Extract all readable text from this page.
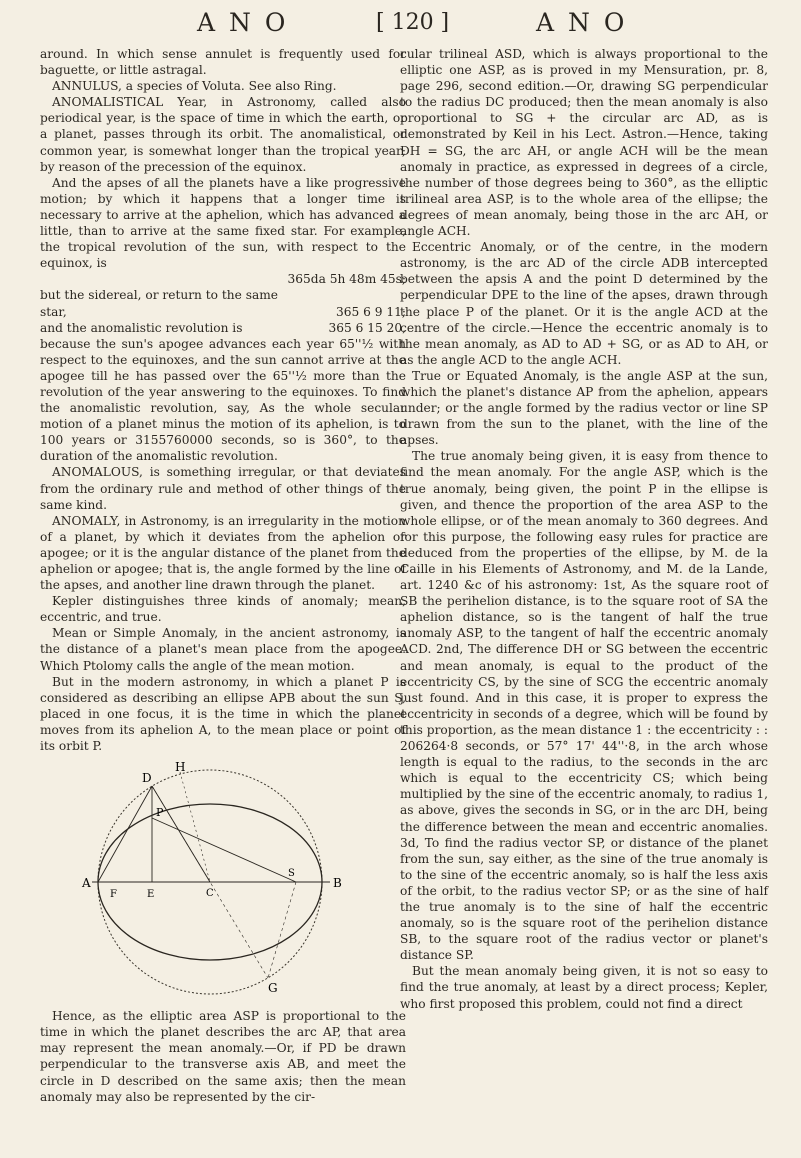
ANO	[ 120 ]	ANO

around. In which sense annulet is frequently used for baguette, or little astragal.

ANNULUS, a species of Voluta. See also Ring.

ANOMALISTICAL Year, in Astronomy, called also periodical year, is the space of time in which the earth, or a planet, passes through its orbit. The anomalistical, or common year, is somewhat longer than the tropical year; by reason of the precession of the equinox.

And the apses of all the planets have a like progressive motion; by which it happens that a longer time is necessary to arrive at the aphelion, which has advanced a little, than to arrive at the same fixed star. For example, the tropical revolution of the sun, with respect to the equinox, is

365da 5h 48m 45s;

but the sidereal, or return to the same

star,	365 6 9 11;
and the anomalistic revolution is	365 6 15 20,

because the sun's apogee advances each year 65''½ with respect to the equinoxes, and the sun cannot arrive at the apogee till he has passed over the 65''½ more than the revolution of the year answering to the equinoxes. To find the anomalistic revolution, say, As the whole secular motion of a planet minus the motion of its aphelion, is to 100 years or 3155760000 seconds, so is 360°, to the duration of the anomalistic revolution.

ANOMALOUS, is something irregular, or that deviates from the ordinary rule and method of other things of the same kind.

ANOMALY, in Astronomy, is an irregularity in the motion of a planet, by which it deviates from the aphelion or apogee; or it is the angular distance of the planet from the aphelion or apogee; that is, the angle formed by the line of the apses, and another line drawn through the planet.

Kepler distinguishes three kinds of anomaly; mean, eccentric, and true.

Mean or Simple Anomaly, in the ancient astronomy, is the distance of a planet's mean place from the apogee. Which Ptolomy calls the angle of the mean motion.

But in the modern astronomy, in which a planet P is considered as describing an ellipse APB about the sun S, placed in one focus, it is the time in which the planet moves from its aphelion A, to the mean place or point of its orbit P.

H
D
P
A
F	E	C
S
B
G

Hence, as the elliptic area ASP is proportional to the time in which the planet describes the arc AP, that area may represent the mean anomaly.—Or, if PD be drawn perpendicular to the transverse axis AB, and meet the circle in D described on the same axis; then the mean anomaly may also be represented by the cir-

cular trilineal ASD, which is always proportional to the elliptic one ASP, as is proved in my Mensuration, pr. 8, page 296, second edition.—Or, drawing SG perpendicular to the radius DC produced; then the mean anomaly is also proportional to SG + the circular arc AD, as is demonstrated by Keil in his Lect. Astron.—Hence, taking DH = SG, the arc AH, or angle ACH will be the mean anomaly in practice, as expressed in degrees of a circle, the number of those degrees being to 360°, as the elliptic trilineal area ASP, is to the whole area of the ellipse; the degrees of mean anomaly, being those in the arc AH, or angle ACH.

Eccentric Anomaly, or of the centre, in the modern astronomy, is the arc AD of the circle ADB intercepted between the apsis A and the point D determined by the perpendicular DPE to the line of the apses, drawn through the place P of the planet. Or it is the angle ACD at the centre of the circle.—Hence the eccentric anomaly is to the mean anomaly, as AD to AD + SG, or as AD to AH, or as the angle ACD to the angle ACH.

True or Equated Anomaly, is the angle ASP at the sun, which the planet's distance AP from the aphelion, appears under; or the angle formed by the radius vector or line SP drawn from the sun to the planet, with the line of the apses.

The true anomaly being given, it is easy from thence to find the mean anomaly. For the angle ASP, which is the true anomaly, being given, the point P in the ellipse is given, and thence the proportion of the area ASP to the whole ellipse, or of the mean anomaly to 360 degrees. And for this purpose, the following easy rules for practice are deduced from the properties of the ellipse, by M. de la Caille in his Elements of Astronomy, and M. de la Lande, art. 1240 &c of his astronomy: 1st, As the square root of SB the perihelion distance, is to the square root of SA the aphelion distance, so is the tangent of half the true anomaly ASP, to the tangent of half the eccentric anomaly ACD. 2nd, The difference DH or SG between the eccentric and mean anomaly, is equal to the product of the eccentricity CS, by the sine of SCG the eccentric anomaly just found. And in this case, it is proper to express the eccentricity in seconds of a degree, which will be found by this proportion, as the mean distance 1 : the eccentricity : : 206264·8 seconds, or 57° 17' 44''·8, in the arch whose length is equal to the radius, to the seconds in the arc which is equal to the eccentricity CS; which being multiplied by the sine of the eccentric anomaly, to radius 1, as above, gives the seconds in SG, or in the arc DH, being the difference between the mean and eccentric anomalies. 3d, To find the radius vector SP, or distance of the planet from the sun, say either, as the sine of the true anomaly is to the sine of the eccentric anomaly, so is half the less axis of the orbit, to the radius vector SP; or as the sine of half the true anomaly is to the sine of half the eccentric anomaly, so is the square root of the perihelion distance SB, to the square root of the radius vector or planet's distance SP.

But the mean anomaly being given, it is not so easy to find the true anomaly, at least by a direct process; Kepler, who first proposed this problem, could not find a direct
